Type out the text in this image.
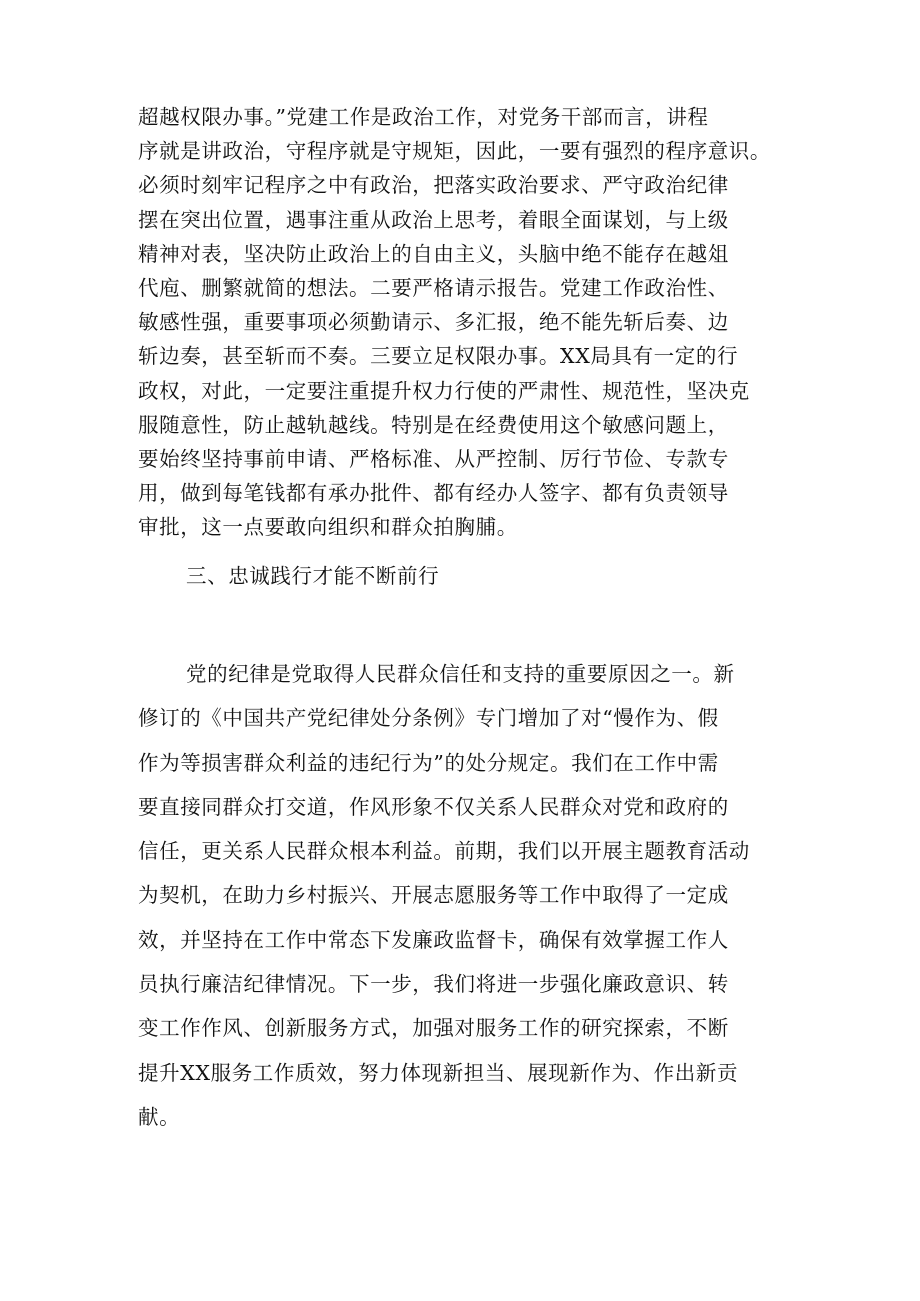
超越权限办事。”党建工作是政治工作，对党务干部而言，讲程
序就是讲政治，守程序就是守规矩，因此，一要有强烈的程序意识。
必须时刻牢记程序之中有政治，把落实政治要求、严守政治纪律
摆在突出位置，遇事注重从政治上思考，着眼全面谋划，与上级
精神对表，坚决防止政治上的自由主义，头脑中绝不能存在越俎
代庖、删繁就简的想法。二要严格请示报告。党建工作政治性、
敏感性强，重要事项必须勤请示、多汇报，绝不能先斩后奏、边
斩边奏，甚至斩而不奏。三要立足权限办事。XX局具有一定的行
政权，对此，一定要注重提升权力行使的严肃性、规范性，坚决克
服随意性，防止越轨越线。特别是在经费使用这个敏感问题上，
要始终坚持事前申请、严格标准、从严控制、厉行节俭、专款专
用，做到每笔钱都有承办批件、都有经办人签字、都有负责领导
审批，这一点要敢向组织和群众拍胸脯。
三、忠诚践行才能不断前行
党的纪律是党取得人民群众信任和支持的重要原因之一。新
修订的《中国共产党纪律处分条例》专门增加了对“慢作为、假
作为等损害群众利益的违纪行为”的处分规定。我们在工作中需
要直接同群众打交道，作风形象不仅关系人民群众对党和政府的
信任，更关系人民群众根本利益。前期，我们以开展主题教育活动
为契机，在助力乡村振兴、开展志愿服务等工作中取得了一定成
效，并坚持在工作中常态下发廉政监督卡，确保有效掌握工作人
员执行廉洁纪律情况。下一步，我们将进一步强化廉政意识、转
变工作作风、创新服务方式，加强对服务工作的研究探索，不断
提升XX服务工作质效，努力体现新担当、展现新作为、作出新贡
献。
